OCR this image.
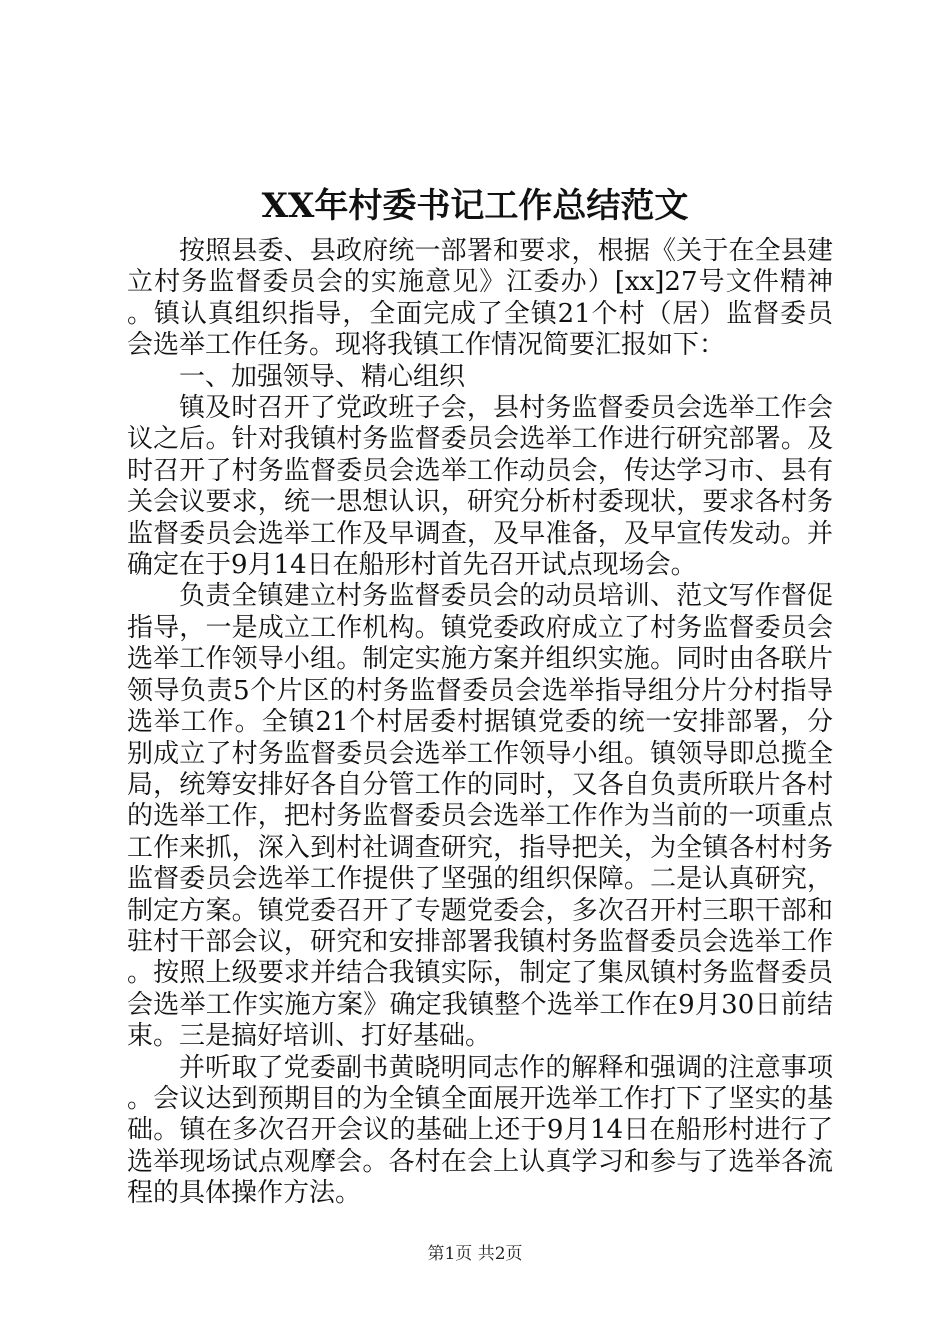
XX年村委书记工作总结范文

按照县委、县政府统一部署和要求，根据《关于在全县建立村务监督委员会的实施意见》江委办）[xx]27号文件精神。镇认真组织指导，全面完成了全镇21个村（居）监督委员会选举工作任务。现将我镇工作情况简要汇报如下：

一、加强领导、精心组织

镇及时召开了党政班子会，县村务监督委员会选举工作会议之后。针对我镇村务监督委员会选举工作进行研究部署。及时召开了村务监督委员会选举工作动员会，传达学习市、县有关会议要求，统一思想认识，研究分析村委现状，要求各村务监督委员会选举工作及早调查，及早准备，及早宣传发动。并确定在于9月14日在船形村首先召开试点现场会。

负责全镇建立村务监督委员会的动员培训、范文写作督促指导，一是成立工作机构。镇党委政府成立了村务监督委员会选举工作领导小组。制定实施方案并组织实施。同时由各联片领导负责5个片区的村务监督委员会选举指导组分片分村指导选举工作。全镇21个村居委村据镇党委的统一安排部署，分别成立了村务监督委员会选举工作领导小组。镇领导即总揽全局，统筹安排好各自分管工作的同时，又各自负责所联片各村的选举工作，把村务监督委员会选举工作作为当前的一项重点工作来抓，深入到村社调查研究，指导把关，为全镇各村村务监督委员会选举工作提供了坚强的组织保障。二是认真研究，制定方案。镇党委召开了专题党委会，多次召开村三职干部和驻村干部会议，研究和安排部署我镇村务监督委员会选举工作。按照上级要求并结合我镇实际，制定了集凤镇村务监督委员会选举工作实施方案》确定我镇整个选举工作在9月30日前结束。三是搞好培训、打好基础。

并听取了党委副书黄晓明同志作的解释和强调的注意事项。会议达到预期目的为全镇全面展开选举工作打下了坚实的基础。镇在多次召开会议的基础上还于9月14日在船形村进行了选举现场试点观摩会。各村在会上认真学习和参与了选举各流程的具体操作方法。

第1页 共2页
